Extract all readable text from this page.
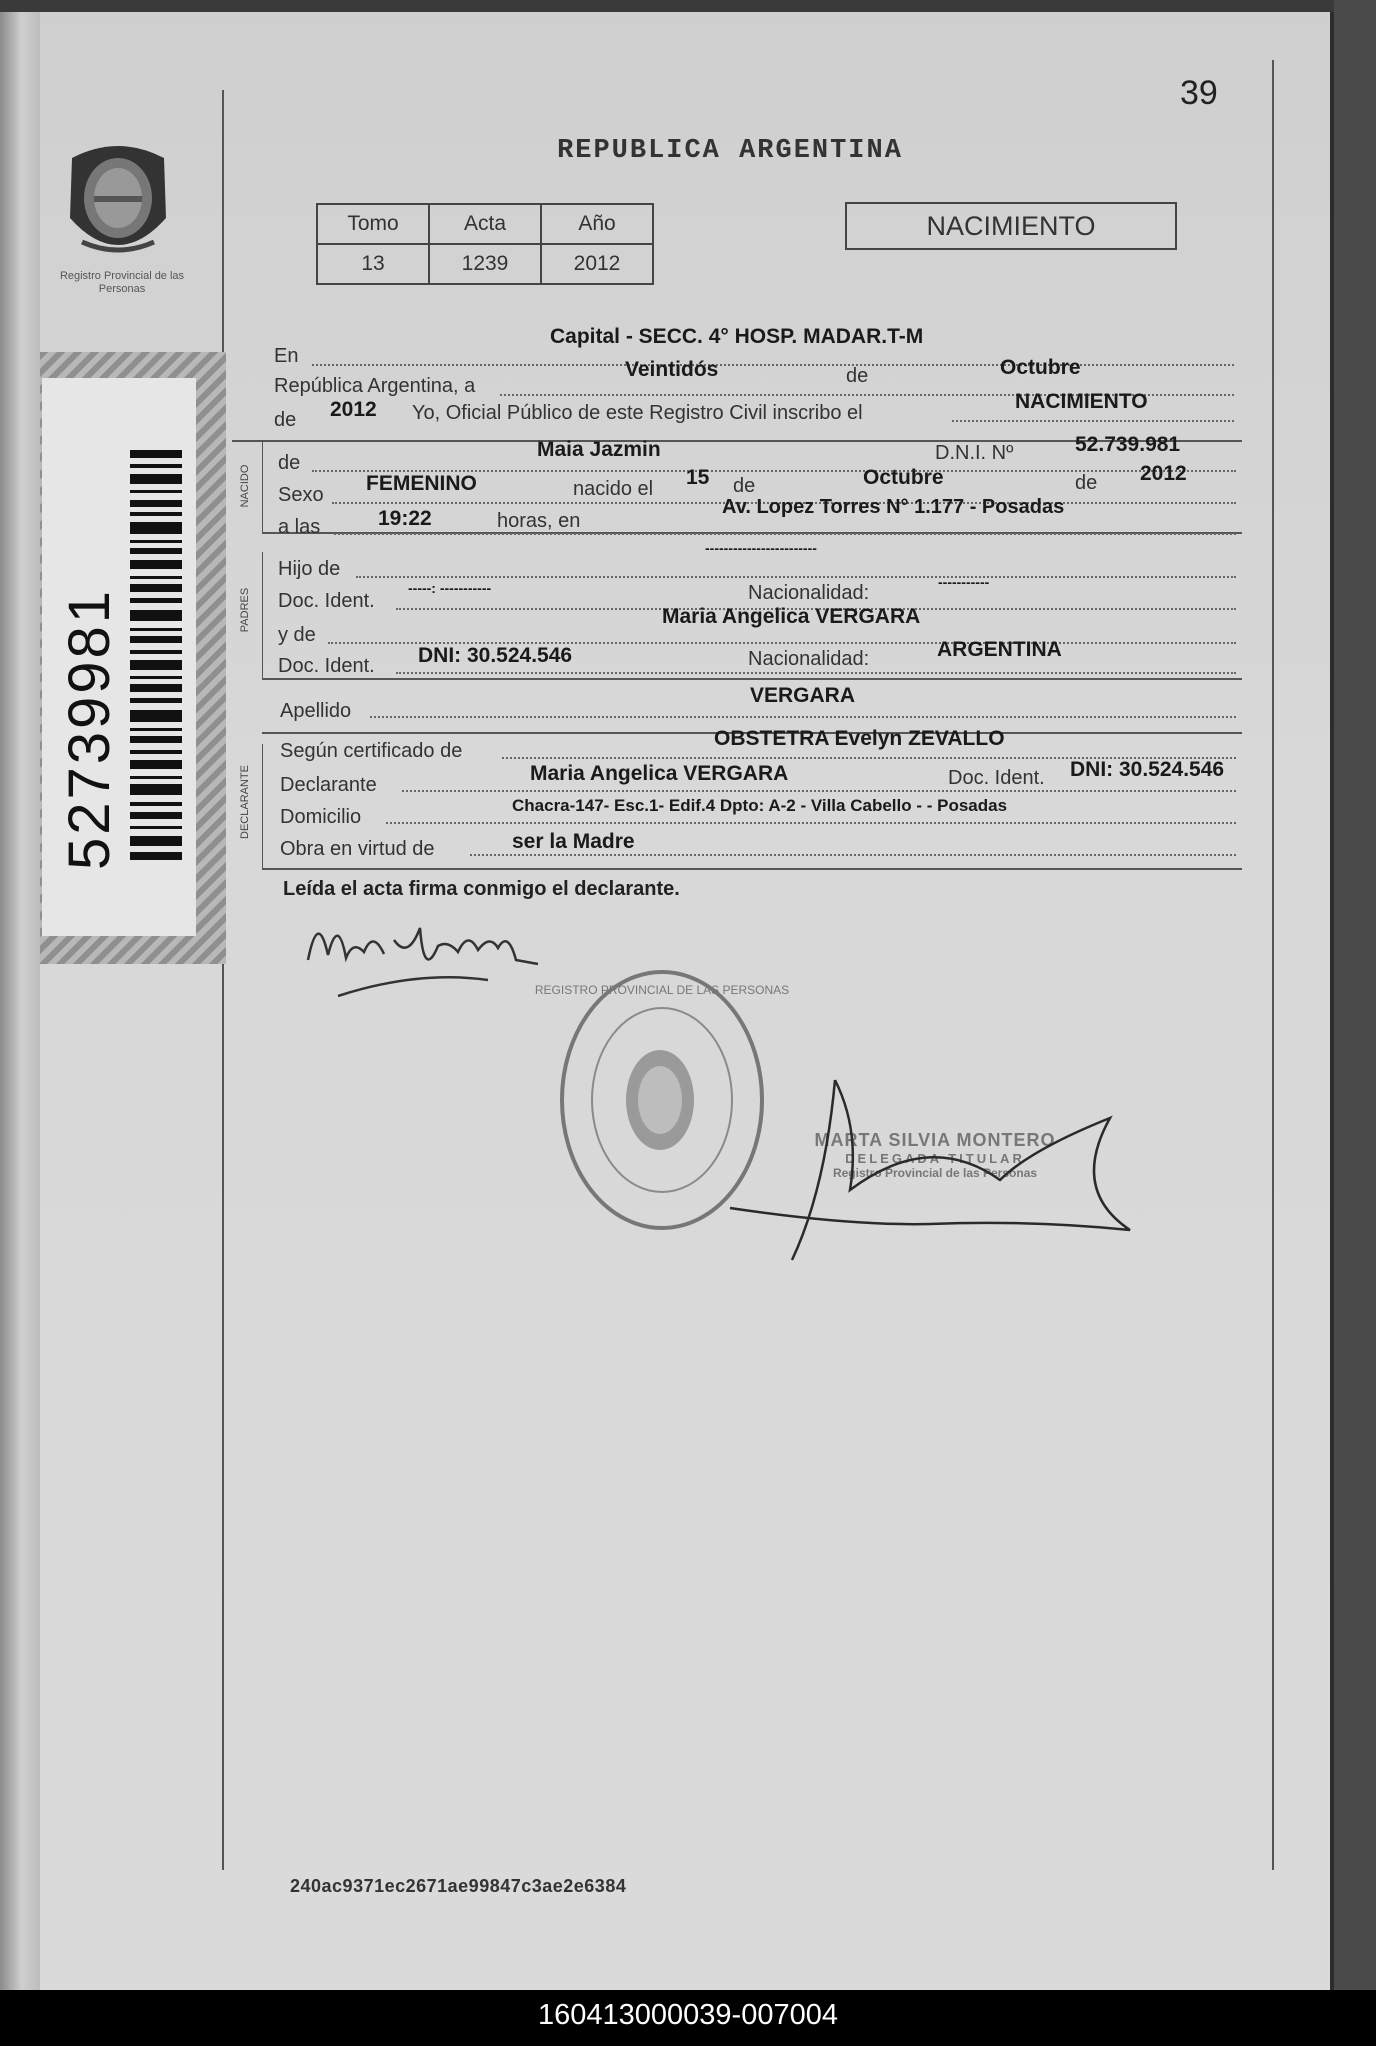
39
REPUBLICA ARGENTINA
Tomo	Acta	Año
13	1239	2012
NACIMIENTO
Registro Provincial de las Personas
52739981
NACIDO
PADRES
DECLARANTE
En
Capital - SECC. 4° HOSP. MADAR.T-M
República Argentina, a
Veintidós	de	Octubre
de 2012 Yo, Oficial Público de este Registro Civil inscribo el	NACIMIENTO
de
Maia Jazmin	D.N.I. Nº	52.739.981
Sexo FEMENINO	nacido el 15 de	Octubre	de 2012
a las	19:22	horas, en
Av. Lopez Torres N° 1.177 - Posadas
Hijo de
------------------------
Doc. Ident.
-----: -----------	Nacionalidad:	-----------
y de
Maria Angelica VERGARA
Doc. Ident. DNI: 30.524.546	Nacionalidad:	ARGENTINA
Apellido
VERGARA
Según certificado de
OBSTETRA Evelyn ZEVALLO
Declarante	Maria Angelica VERGARA	Doc. Ident. DNI: 30.524.546
Domicilio
Chacra-147- Esc.1- Edif.4 Dpto: A-2 - Villa Cabello - - Posadas
Obra en virtud de	ser la Madre
Leída el acta firma conmigo el declarante.
REGISTRO PROVINCIAL DE LAS PERSONAS
MARTA SILVIA MONTERO
DELEGADA TITULAR
Registro Provincial de las Personas
240ac9371ec2671ae99847c3ae2e6384
160413000039-007004
